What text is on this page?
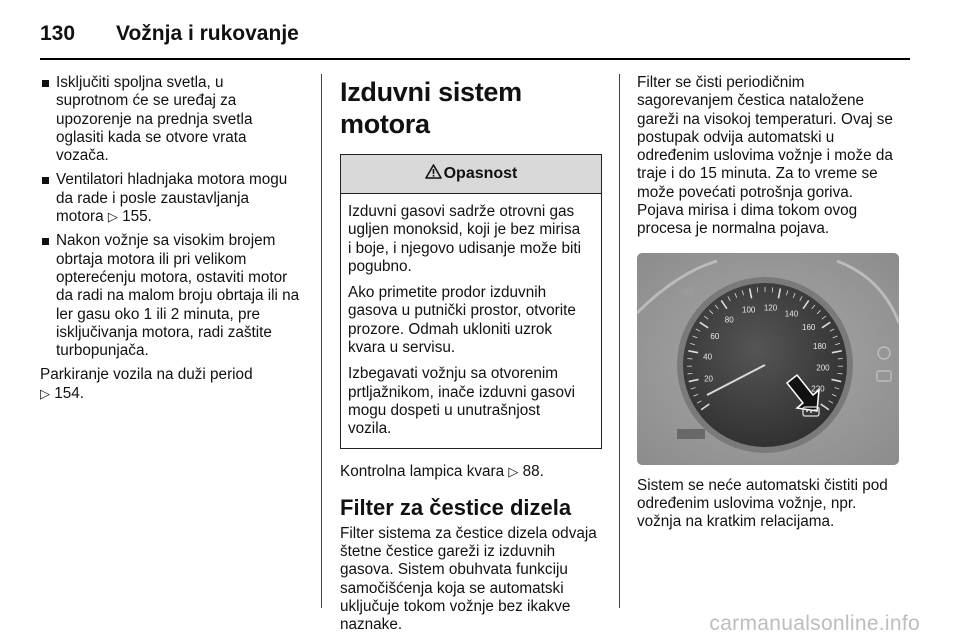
130 Vožnja i rukovanje
Isključiti spoljna svetla, u
suprotnom će se uređaj za
upozorenje na prednja svetla
oglasiti kada se otvore vrata
vozača.
Ventilatori hladnjaka motora mogu
da rade i posle zaustavljanja
motora ▷ 155.
Nakon vožnje sa visokim brojem
obrtaja motora ili pri velikom
opterećenju motora, ostaviti motor
da radi na malom broju obrtaja ili na
ler gasu oko 1 ili 2 minuta, pre
isključivanja motora, radi zaštite
turbopunjača.

Parkiranje vozila na duži period
▷ 154.

Izduvni sistem motora
Opasnost

Izduvni gasovi sadrže otrovni gas
ugljen monoksid, koji je bez mirisa
i boje, i njegovo udisanje može biti
pogubno.

Ako primetite prodor izduvnih
gasova u putnički prostor, otvorite
prozore. Odmah ukloniti uzrok
kvara u servisu.

Izbegavati vožnju sa otvorenim
prtljažnikom, inače izduvni gasovi
mogu dospeti u unutrašnjost
vozila.

Kontrolna lampica kvara ▷ 88.

Filter za čestice dizela

Filter sistema za čestice dizela odvaja
štetne čestice gareži iz izduvnih
gasova. Sistem obuhvata funkciju
samočišćenja koja se automatski
uključuje tokom vožnje bez ikakve
naznake.

Filter se čisti periodičnim
sagorevanjem čestica nataložene
gareži na visokoj temperaturi. Ovaj se
postupak odvija automatski u
određenim uslovima vožnje i može da
traje i do 15 minuta. Za to vreme se
može povećati potrošnja goriva.
Pojava mirisa i dima tokom ovog
procesa je normalna pojava.

20
40
60
80
100 120
140
160
180
200
220

Sistem se neće automatski čistiti pod
određenim uslovima vožnje, npr.
vožnja na kratkim relacijama.

carmanualsonline.info
